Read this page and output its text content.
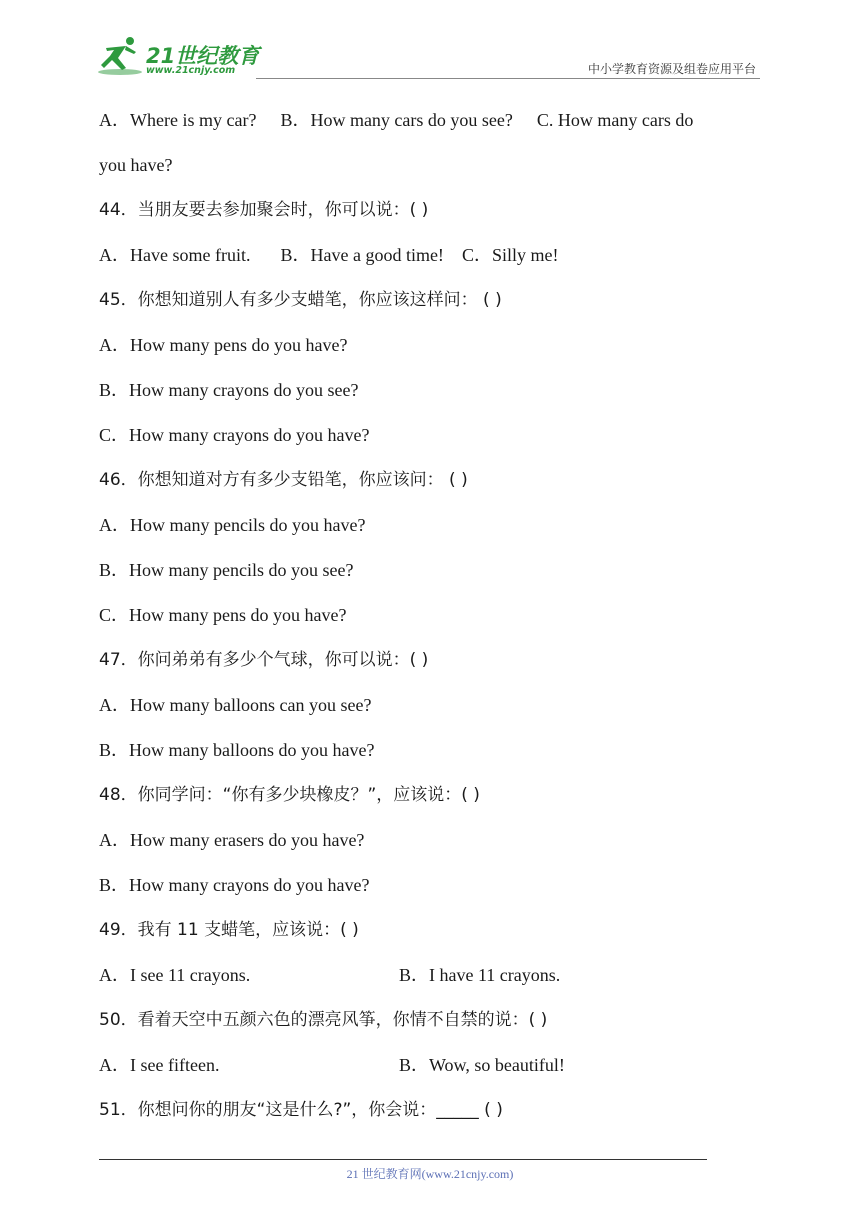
21世纪教育
www.21cnjy.com	中小学教育资源及组卷应用平台
A．Where is my car? B．How many cars do you see? C. How many cars do
you have?
44．当朋友要去参加聚会时，你可以说：( )
A．Have some fruit. B．Have a good time! C．Silly me!
45．你想知道别人有多少支蜡笔，你应该这样问： ( )
A．How many pens do you have?
B．How many crayons do you see?
C．How many crayons do you have?
46．你想知道对方有多少支铅笔，你应该问： ( )
A．How many pencils do you have?
B．How many pencils do you see?
C．How many pens do you have?
47．你问弟弟有多少个气球，你可以说：( )
A．How many balloons can you see?
B．How many balloons do you have?
48．你同学问：“你有多少块橡皮？”，应该说：( )
A．How many erasers do you have?
B．How many crayons do you have?
49．我有 11 支蜡笔，应该说：( )
A．I see 11 crayons.	B．I have 11 crayons.
50．看着天空中五颜六色的漂亮风筝，你情不自禁的说：( )
A．I see fifteen.	B．Wow, so beautiful!
51．你想问你的朋友“这是什么?”，你会说：_____ ( )
21 世纪教育网(www.21cnjy.com)
